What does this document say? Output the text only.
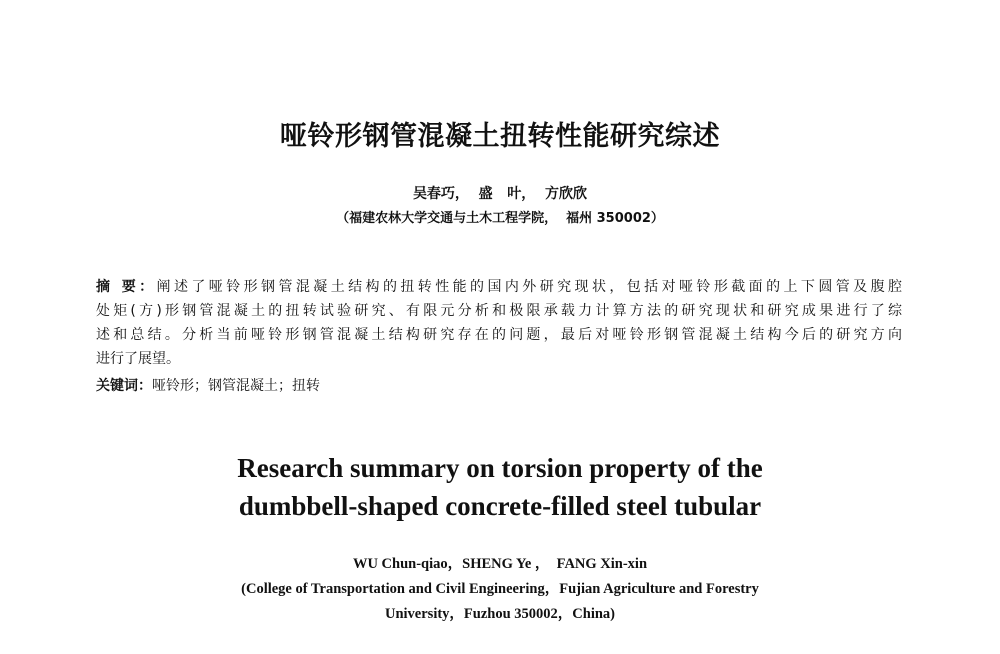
哑铃形钢管混凝土扭转性能研究综述
吴春巧，  盛   叶，  方欣欣
（福建农林大学交通与土木工程学院，  福州 350002）
摘 要：阐述了哑铃形钢管混凝土结构的扭转性能的国内外研究现状，包括对哑铃形截面的上下圆管及腹腔
处矩(方)形钢管混凝土的扭转试验研究、有限元分析和极限承载力计算方法的研究现状和研究成果进行了综
述和总结。分析当前哑铃形钢管混凝土结构研究存在的问题，最后对哑铃形钢管混凝土结构今后的研究方向
进行了展望。
关键词：哑铃形；钢管混凝土；扭转
Research summary on torsion property of the
dumbbell-shaped concrete-filled steel tubular
WU Chun-qiao，SHENG Ye ，  FANG Xin-xin
(College of Transportation and Civil Engineering，Fujian Agriculture and Forestry
University，Fuzhou 350002，China)
